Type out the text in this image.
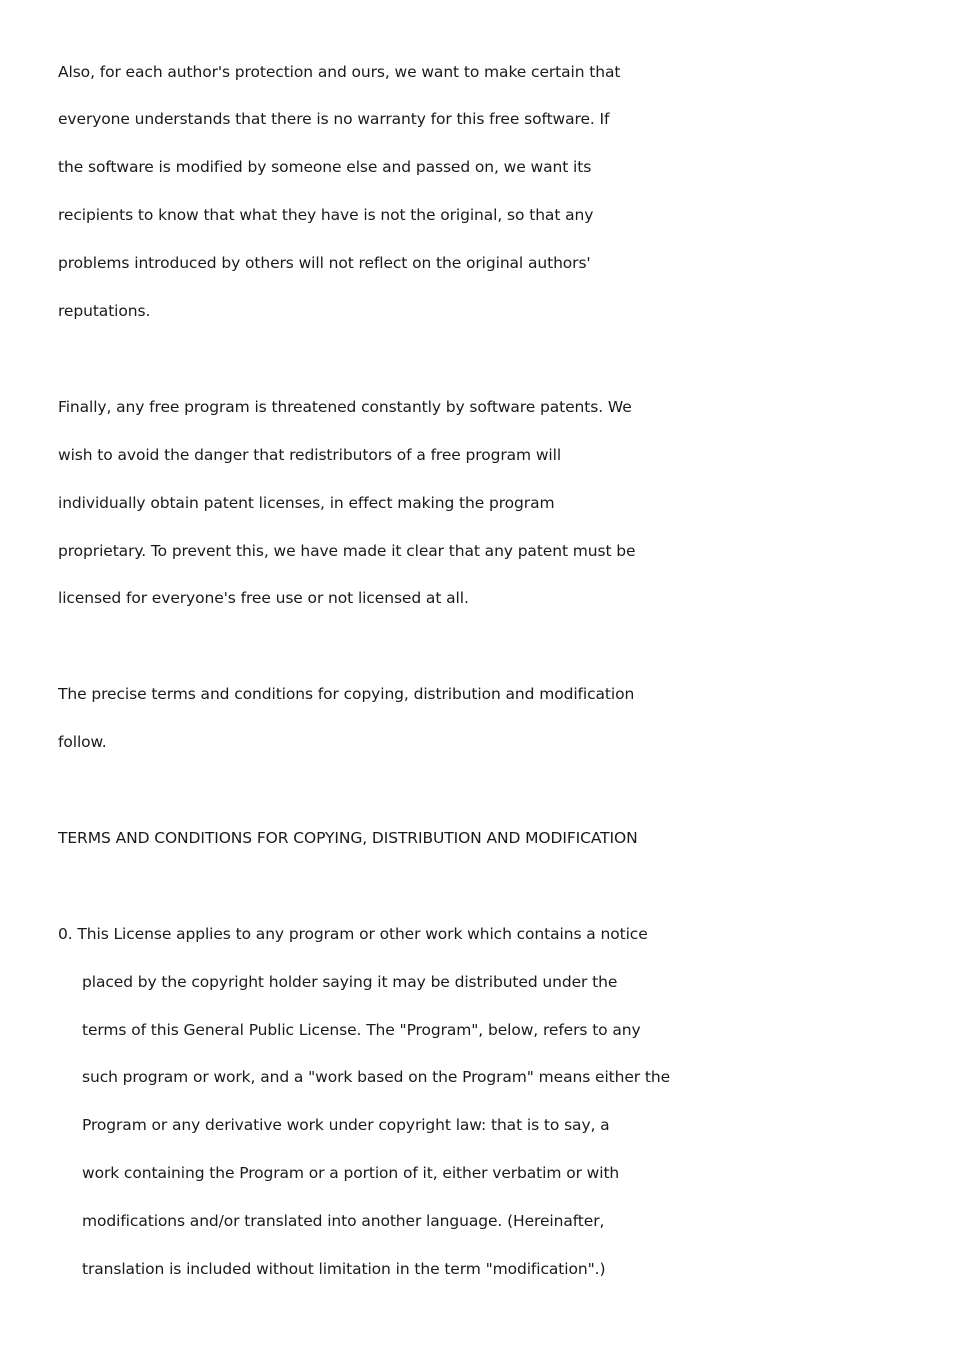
Also, for each author's protection and ours, we want to make certain that
everyone understands that there is no warranty for this free software. If
the software is modified by someone else and passed on, we want its
recipients to know that what they have is not the original, so that any
problems introduced by others will not reflect on the original authors'
reputations.
Finally, any free program is threatened constantly by software patents. We
wish to avoid the danger that redistributors of a free program will
individually obtain patent licenses, in effect making the program
proprietary. To prevent this, we have made it clear that any patent must be
licensed for everyone's free use or not licensed at all.
The precise terms and conditions for copying, distribution and modification
follow.
TERMS AND CONDITIONS FOR COPYING, DISTRIBUTION AND MODIFICATION
0. This License applies to any program or other work which contains a notice
placed by the copyright holder saying it may be distributed under the
terms of this General Public License. The "Program", below, refers to any
such program or work, and a "work based on the Program" means either the
Program or any derivative work under copyright law: that is to say, a
work containing the Program or a portion of it, either verbatim or with
modifications and/or translated into another language. (Hereinafter,
translation is included without limitation in the term "modification".)
